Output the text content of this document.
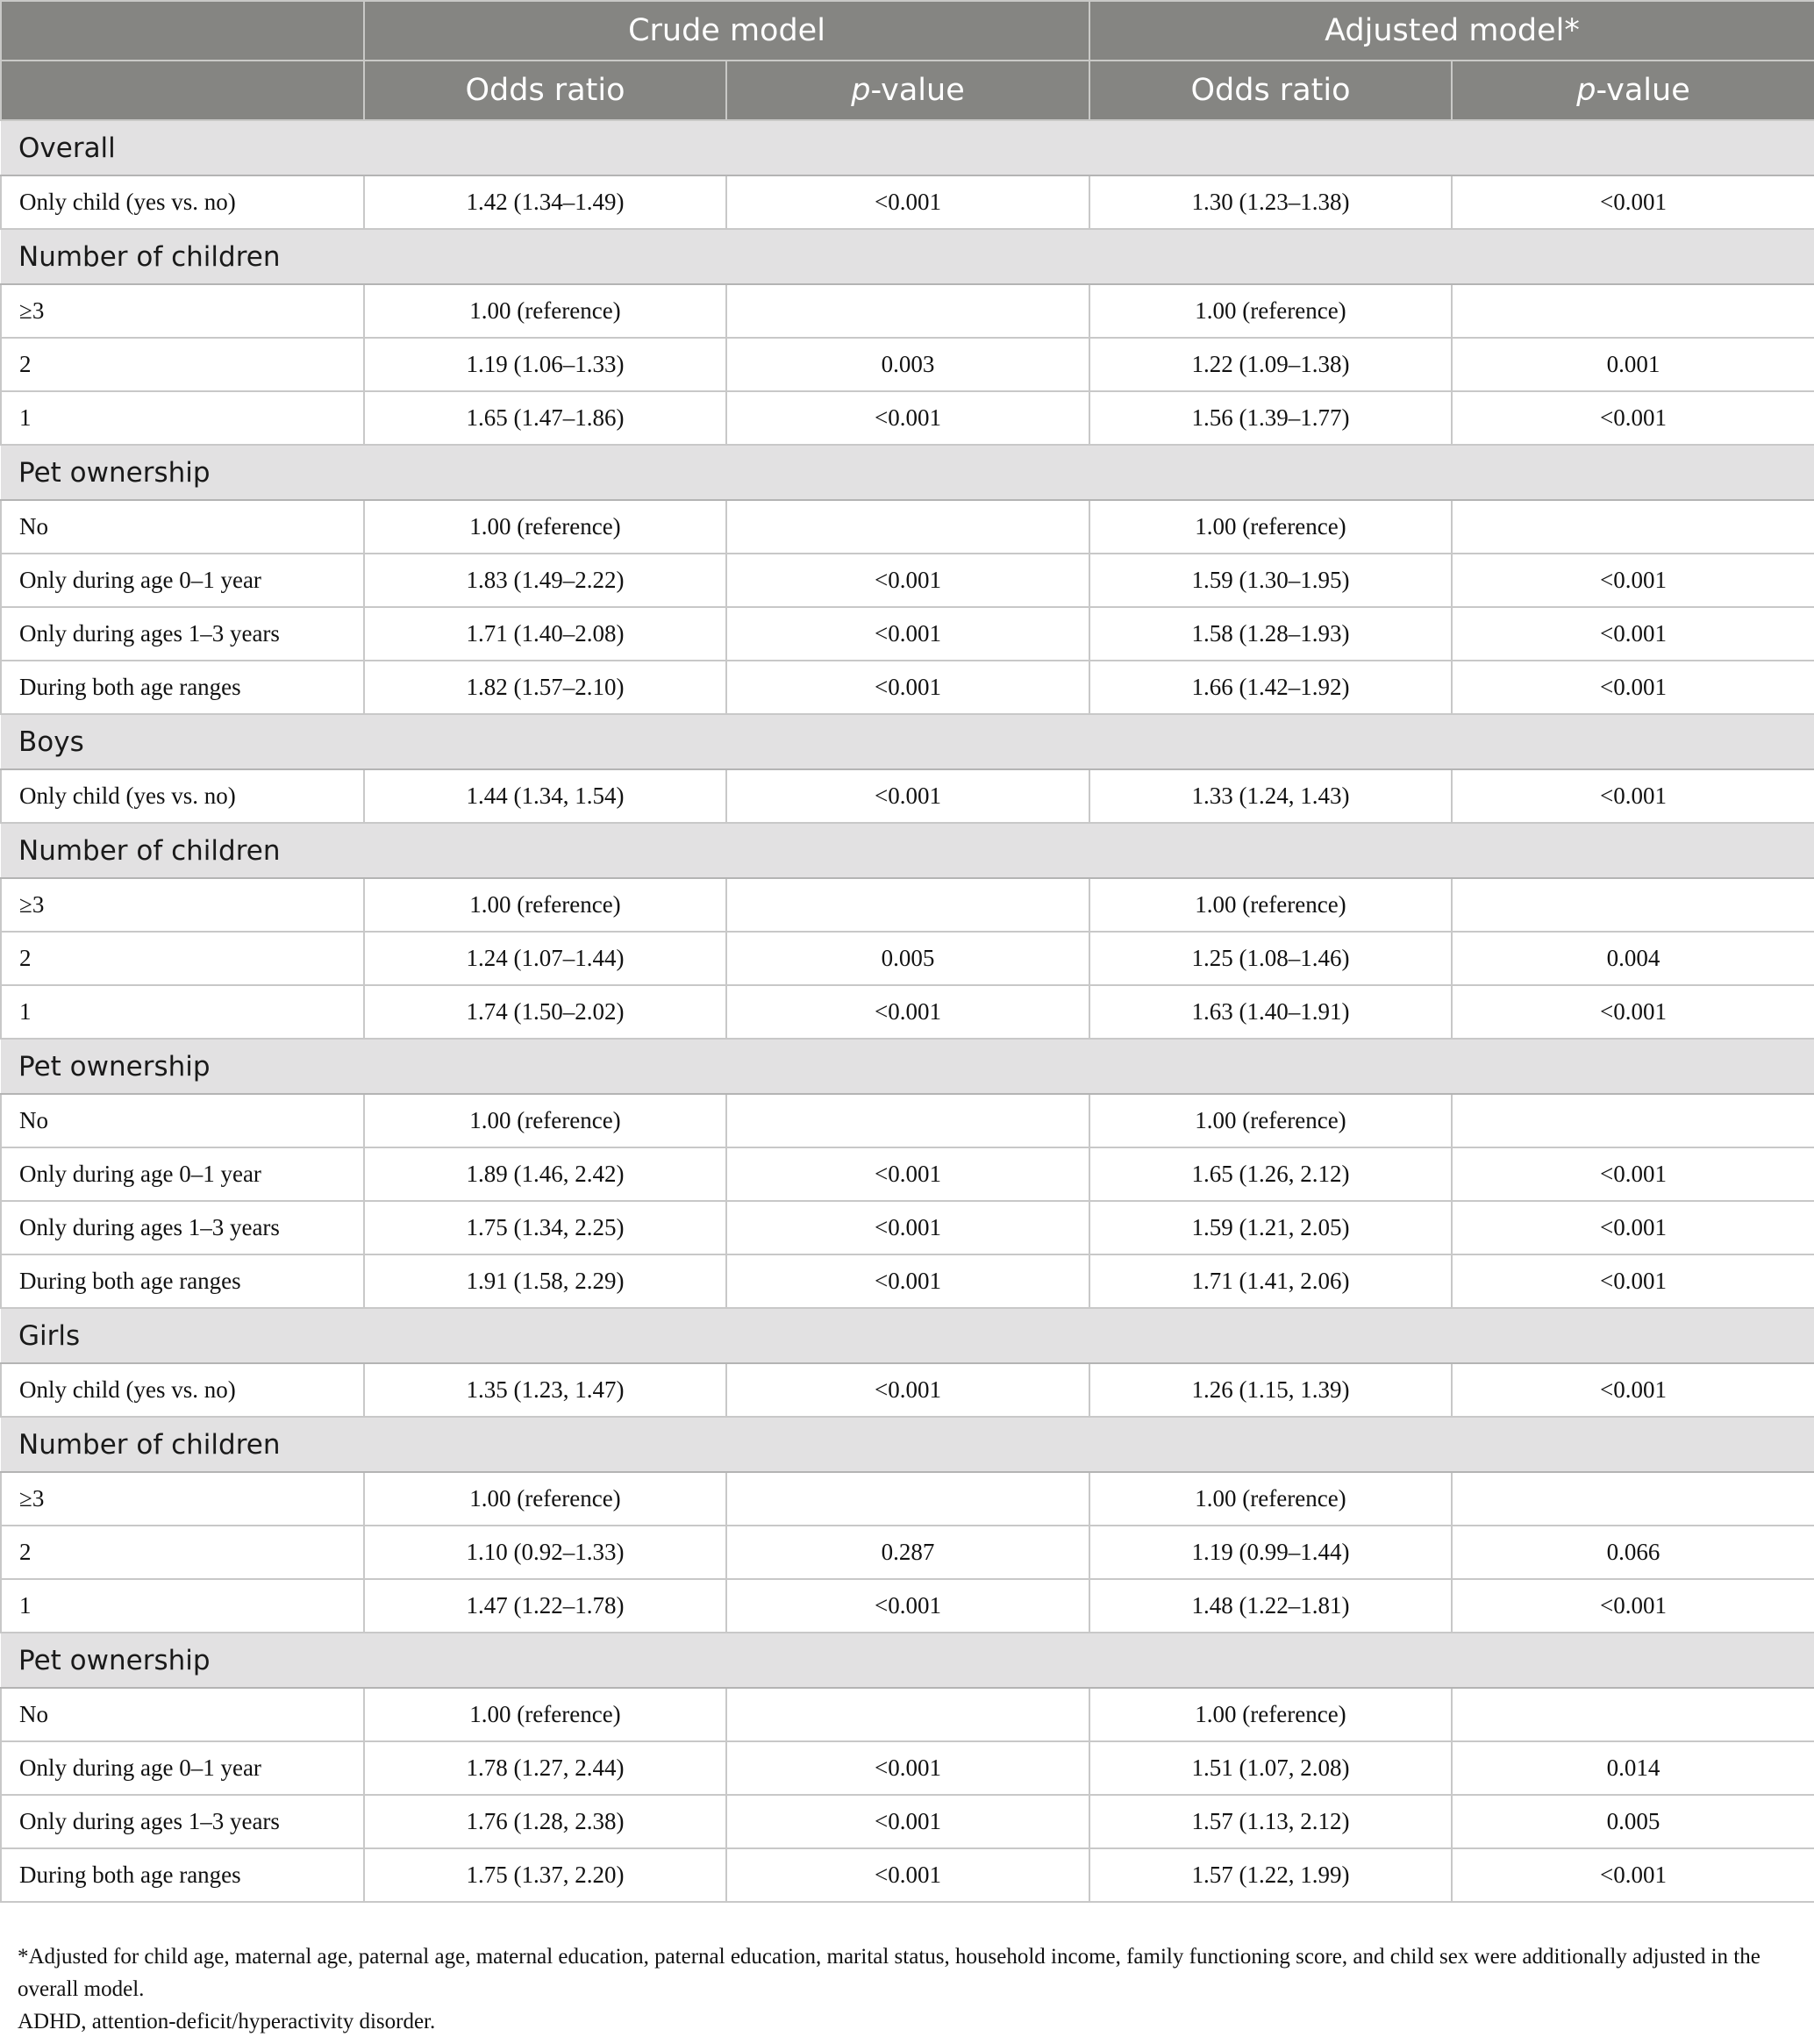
	Crude model		Adjusted model*	
	Odds ratio	p-value	Odds ratio	p-value
Overall				
Only child (yes vs. no)	1.42 (1.34–1.49)	<0.001	1.30 (1.23–1.38)	<0.001
Number of children				
≥3	1.00 (reference)		1.00 (reference)	
2	1.19 (1.06–1.33)	0.003	1.22 (1.09–1.38)	0.001
1	1.65 (1.47–1.86)	<0.001	1.56 (1.39–1.77)	<0.001
Pet ownership				
No	1.00 (reference)		1.00 (reference)	
Only during age 0–1 year	1.83 (1.49–2.22)	<0.001	1.59 (1.30–1.95)	<0.001
Only during ages 1–3 years	1.71 (1.40–2.08)	<0.001	1.58 (1.28–1.93)	<0.001
During both age ranges	1.82 (1.57–2.10)	<0.001	1.66 (1.42–1.92)	<0.001
Boys				
Only child (yes vs. no)	1.44 (1.34, 1.54)	<0.001	1.33 (1.24, 1.43)	<0.001
Number of children				
≥3	1.00 (reference)		1.00 (reference)	
2	1.24 (1.07–1.44)	0.005	1.25 (1.08–1.46)	0.004
1	1.74 (1.50–2.02)	<0.001	1.63 (1.40–1.91)	<0.001
Pet ownership				
No	1.00 (reference)		1.00 (reference)	
Only during age 0–1 year	1.89 (1.46, 2.42)	<0.001	1.65 (1.26, 2.12)	<0.001
Only during ages 1–3 years	1.75 (1.34, 2.25)	<0.001	1.59 (1.21, 2.05)	<0.001
During both age ranges	1.91 (1.58, 2.29)	<0.001	1.71 (1.41, 2.06)	<0.001
Girls				
Only child (yes vs. no)	1.35 (1.23, 1.47)	<0.001	1.26 (1.15, 1.39)	<0.001
Number of children				
≥3	1.00 (reference)		1.00 (reference)	
2	1.10 (0.92–1.33)	0.287	1.19 (0.99–1.44)	0.066
1	1.47 (1.22–1.78)	<0.001	1.48 (1.22–1.81)	<0.001
Pet ownership				
No	1.00 (reference)		1.00 (reference)	
Only during age 0–1 year	1.78 (1.27, 2.44)	<0.001	1.51 (1.07, 2.08)	0.014
Only during ages 1–3 years	1.76 (1.28, 2.38)	<0.001	1.57 (1.13, 2.12)	0.005
During both age ranges	1.75 (1.37, 2.20)	<0.001	1.57 (1.22, 1.99)	<0.001

*Adjusted for child age, maternal age, paternal age, maternal education, paternal education, marital status, household income, family functioning score, and child sex were additionally adjusted in the overall model.

ADHD, attention-deficit/hyperactivity disorder.
